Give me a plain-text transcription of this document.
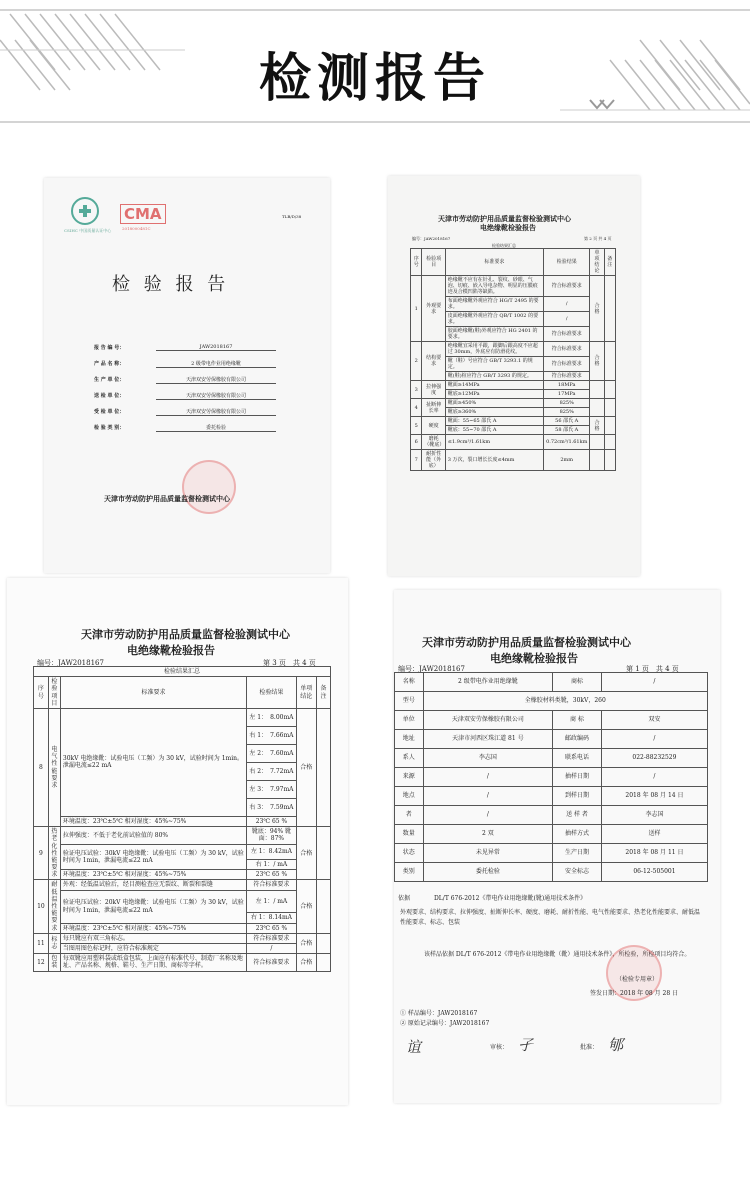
检测报告
CSIHC 中国质量认证中心
CMA
2018000481C
TLB/D/38
检 验 报 告
报 告 编 号：	JAW2018167
产 品 名 称：	2 级带电作业用绝缘靴
生 产 单 位：	天津双安劳保橡胶有限公司
送 检 单 位：	天津双安劳保橡胶有限公司
受 检 单 位：	天津双安劳保橡胶有限公司
检 验 类 别：	委托检验
天津市劳动防护用品质量监督检测试中心
天津市劳动防护用品质量监督检验测试中心
电绝缘靴检验报告
编号：JAW2018167	第 2 页 共 4 页
检验结果汇总
序号	检验项目	标准要求	检验结果	单项结论	备注
1	外观要求	绝缘靴不应有在针孔、裂纹、砂眼、气泡、切痕、嵌入导电杂物、明显的压膜痕迹及合模凹陷等缺陷。	符合标准要求	合格	
		布面绝缘靴外观应符合 HG/T 2495 的要求。	/		
		皮面绝缘靴外观应符合 QB/T 1002 的要求。	/		
		胶面绝缘靴(鞋)外观应符合 HG 2401 的要求。	符合标准要求		
2	结构要求	绝缘靴宜采用平跟，跟脚后跟高度不应超过 30mm，外底应有防滑花纹。	符合标准要求	合格	
		靴（鞋）号应符合 GB/T 3293.1 的规定。	符合标准要求		
		靴(鞋)楦应符合 GB/T 3293 的规定。	符合标准要求		
3	拉伸强度	靴面≥14MPa	18MPa		
		靴底≥12MPa	17MPa		
4	扯断伸长率	靴面≥450%	825%		
		靴底≥360%	825%		
5	硬度	靴面：55~65 邵氏 A	56 邵氏 A	合格	
		靴底：55~70 邵氏 A	58 邵氏 A		
6	磨耗（靴底）	≤1.9cm³/1.61km	0.72cm³/1.61km		
7	耐折性能（外底）	3 万次，裂口增长长度≤4mm	2mm		
天津市劳动防护用品质量监督检验测试中心
电绝缘靴检验报告
编号：JAW2018167	第 3 页　共 4 页
检验结果汇总					
序号	检验项目	标准要求	检验结果	单项结论	备注
8	电气性能要求	30kV 电绝缘靴：试验电压（工频）为 30 kV，试验时间为 1min。泄漏电流≤22 mA	左 1：　8.00mA	合格	
			右 1：　7.66mA		
			左 2：　7.60mA		
			右 2：　7.72mA		
			左 3：　7.97mA		
			右 3：　7.59mA		
		环境温度：23℃±5℃ 相对湿度：45%~75%	23℃ 65 %		
9	热老化性能要求	拉伸强度：不低于老化前试验值的 80%	靴底：94% 靴面：87%	合格	
		验证电压试验：30kV 电绝缘靴：试验电压（工频）为 30 kV，试验时间为 1min，泄漏电流≤22 mA	左 1：8.42mA		
			右 1：/ mA		
		环境温度：23℃±5℃ 相对湿度：45%~75%	23℃ 65 %		
10	耐低温性能要求	外观：经低温试验后，经目测检查应无裂纹、断裂和裂缝	符合标准要求	合格	
		验证电压试验：20kV 电绝缘靴：试验电压（工频）为 30 kV，试验时间为 1min，泄漏电流≤22 mA	左 1：/ mA		
			右 1：8.14mA		
		环境温度：23℃±5℃ 相对湿度：45%~75%	23℃ 65 %		
11	标志	每只靴应有双三角标志。	符合标准要求	合格	
		当图用图色标记时，应符合标准规定	/		
12	包装	每双靴应用塑料袋或纸盒包装，上面应有标准代号、制造厂名称及地址、产品名称、规格、鞋号、生产日期、商标等字样。	符合标准要求	合格	
天津市劳动防护用品质量监督检验测试中心
电绝缘靴检验报告
编号：JAW2018167	第 1 页　共 4 页
名称	2 级带电作业用绝缘靴	商标	/
型号	全橡胶材料类靴，30kV，260		
单位	天津双安劳保橡胶有限公司	商 标	双安
地址	天津市河西区珠江道 81 号	邮政编码	/
系人	李志国	联系电话	022-88232529
来源	/	抽样日期	/
地点	/	到样日期	2018 年 08 月 14 日
者	/	送 样 者	李志国
数量	2 双	抽样方式	送样
状态	未见异常	生产日期	2018 年 08 月 11 日
类别	委托检验	安全标志	06-12-505001
依据	DL/T 676-2012《带电作业用绝缘靴(靴)通用技术条件》
外观要求、结构要求、拉伸强度、扯断伸长率、硬度、磨耗、耐折性能、电气性能要求、热老化性能要求、耐低温性能要求、标志、包装
该样品依据 DL/T 676-2012《带电作业用绝缘靴（靴）通用技术条件》，所检验，所检项目均符合。
（检验专用章）
签发日期：2018 年 08 月 28 日
① 样品编号：JAW2018167
② 原始记录编号：JAW2018167
谊	审核： 孑	批准： 郇
